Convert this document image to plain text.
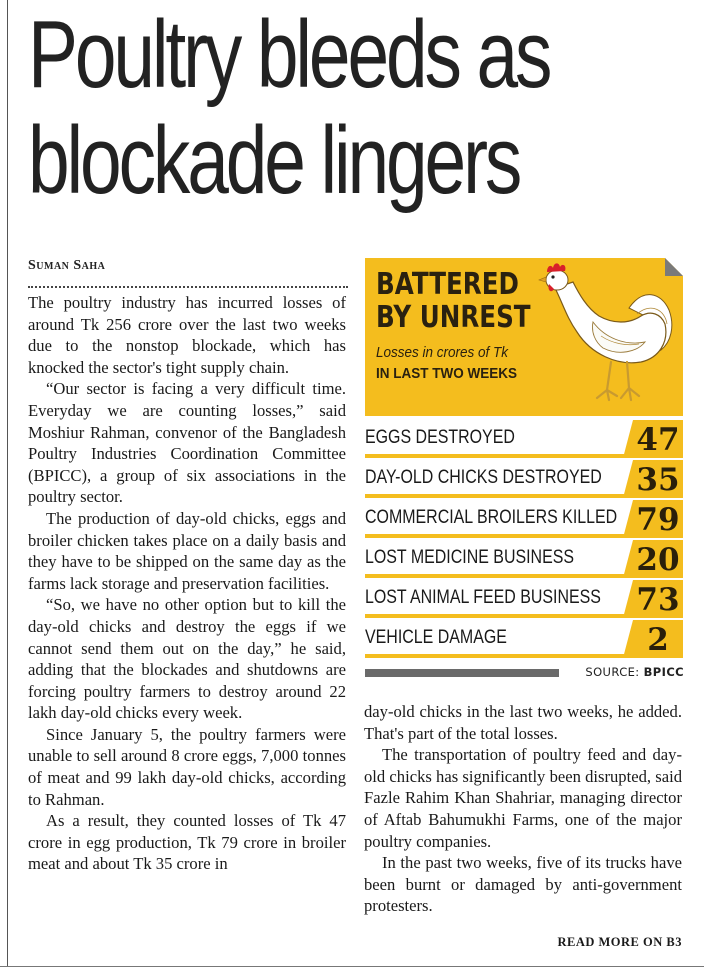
Poultry bleeds as
blockade lingers
Suman Saha

The poultry industry has incurred losses of around Tk 256 crore over the last two weeks due to the nonstop blockade, which has knocked the sector's tight supply chain.

“Our sector is facing a very difficult time. Everyday we are counting losses,” said Moshiur Rahman, convenor of the Bangladesh Poultry Industries Coordination Committee (BPICC), a group of six associations in the poultry sector.

The production of day-old chicks, eggs and broiler chicken takes place on a daily basis and they have to be shipped on the same day as the farms lack storage and preservation facilities.

“So, we have no other option but to kill the day-old chicks and destroy the eggs if we cannot send them out on the day,” he said, adding that the blockades and shutdowns are forcing poultry farmers to destroy around 22 lakh day-old chicks every week.

Since January 5, the poultry farmers were unable to sell around 8 crore eggs, 7,000 tonnes of meat and 99 lakh day-old chicks, according to Rahman.

As a result, they counted losses of Tk 47 crore in egg production, Tk 79 crore in broiler meat and about Tk 35 crore in

BATTERED
BY UNREST
Losses in crores of Tk
IN LAST TWO WEEKS
EGGS DESTROYED	47
DAY-OLD CHICKS DESTROYED 35
COMMERCIAL BROILERS KILLED 79
LOST MEDICINE BUSINESS 20
LOST ANIMAL FEED BUSINESS 73
VEHICLE DAMAGE	2
SOURCE: BPICC

day-old chicks in the last two weeks, he added. That's part of the total losses.

The transportation of poultry feed and day-old chicks has significantly been disrupted, said Fazle Rahim Khan Shahriar, managing director of Aftab Bahumukhi Farms, one of the major poultry companies.

In the past two weeks, five of its trucks have been burnt or damaged by anti-government protesters.

READ MORE ON B3
